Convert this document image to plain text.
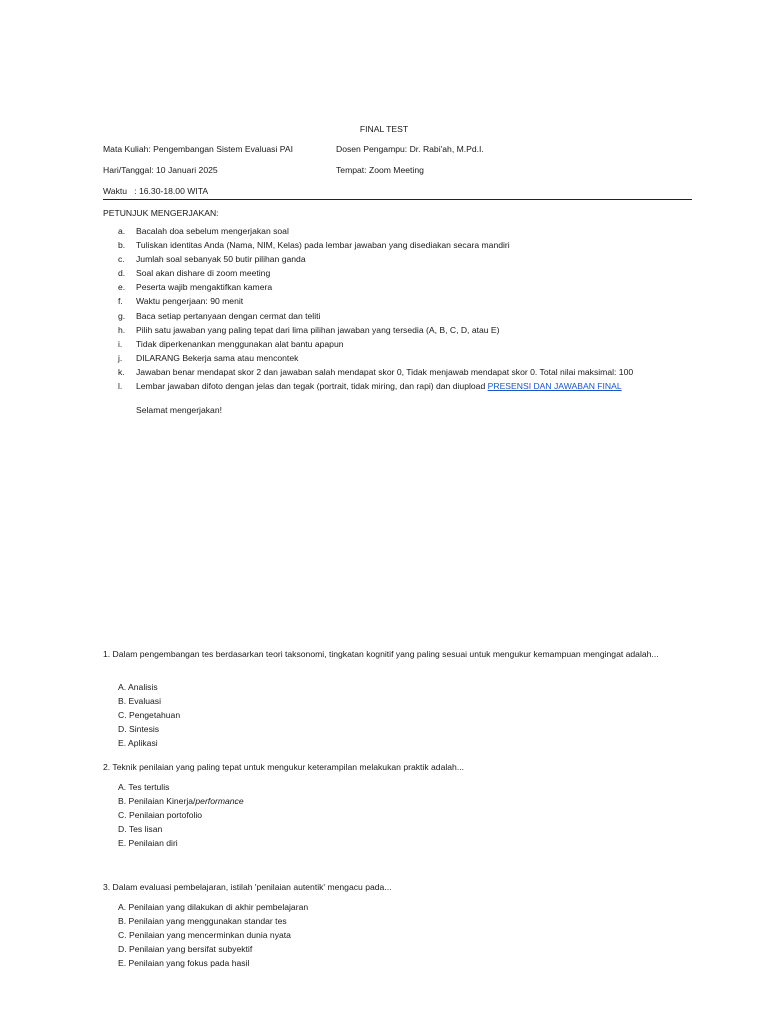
FINAL TEST
Mata Kuliah: Pengembangan Sistem Evaluasi PAI	Dosen Pengampu: Dr. Rabi'ah, M.Pd.I.
Hari/Tanggal: 10 Januari 2025	Tempat: Zoom Meeting
Waktu   : 16.30-18.00 WITA
PETUNJUK MENGERJAKAN:
a.	Bacalah doa sebelum mengerjakan soal
b.	Tuliskan identitas Anda (Nama, NIM, Kelas) pada lembar jawaban yang disediakan secara mandiri
c.	Jumlah soal sebanyak 50 butir pilihan ganda
d.	Soal akan dishare di zoom meeting
e.	Peserta wajib mengaktifkan kamera
f.	Waktu pengerjaan: 90 menit
g.	Baca setiap pertanyaan dengan cermat dan teliti
h.	Pilih satu jawaban yang paling tepat dari lima pilihan jawaban yang tersedia (A, B, C, D, atau E)
i.	Tidak diperkenankan menggunakan alat bantu apapun
j.	DILARANG Bekerja sama atau mencontek
k.	Jawaban benar mendapat skor 2 dan jawaban salah mendapat skor 0, Tidak menjawab mendapat skor 0. Total nilai maksimal: 100
l.	Lembar jawaban difoto dengan jelas dan tegak (portrait, tidak miring, dan rapi) dan diupload PRESENSI DAN JAWABAN FINAL
Selamat mengerjakan!
1. Dalam pengembangan tes berdasarkan teori taksonomi, tingkatan kognitif yang paling sesuai untuk mengukur kemampuan mengingat adalah...
A. Analisis
B. Evaluasi
C. Pengetahuan
D. Sintesis
E. Aplikasi
2. Teknik penilaian yang paling tepat untuk mengukur keterampilan melakukan praktik adalah...
A. Tes tertulis
B. Penilaian Kinerja/performance
C. Penilaian portofolio
D. Tes lisan
E. Penilaian diri
3. Dalam evaluasi pembelajaran, istilah 'penilaian autentik' mengacu pada...
A. Penilaian yang dilakukan di akhir pembelajaran
B. Penilaian yang menggunakan standar tes
C. Penilaian yang mencerminkan dunia nyata
D. Penilaian yang bersifat subyektif
E. Penilaian yang fokus pada hasil
